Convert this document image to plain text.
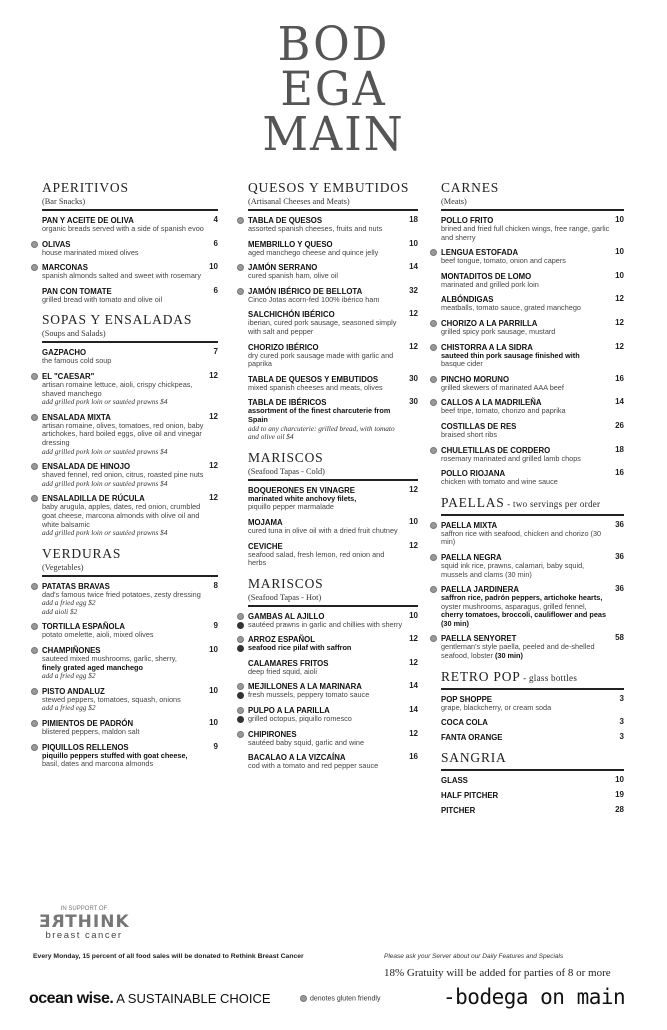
BOD
EGA
MAIN
APERITIVOS
(Bar Snacks)
PAN Y ACEITE DE OLIVA	4
organic breads served with a side of spanish evoo
OLIVAS	6
house marinated mixed olives
MARCONAS	10
spanish almonds salted and sweet with rosemary
PAN CON TOMATE	6
grilled bread with tomato and olive oil
SOPAS Y ENSALADAS
(Soups and Salads)
GAZPACHO	7
the famous cold soup
EL "CAESAR"	12
artisan romaine lettuce, aioli, crispy chickpeas, shaved manchego
add grilled pork loin or sautéed prawns $4
ENSALADA MIXTA	12
artisan romaine, olives, tomatoes, red onion, baby artichokes, hard boiled eggs, olive oil and vinegar dressing
add grilled pork loin or sautéed prawns $4
ENSALADA DE HINOJO	12
shaved fennel, red onion, citrus, roasted pine nuts
add grilled pork loin or sautéed prawns $4
ENSALADILLA DE RÚCULA	12
baby arugula, apples, dates, red onion, crumbled goat cheese, marcona almonds with olive oil and white balsamic
add grilled pork loin or sautéed prawns $4
VERDURAS
(Vegetables)
PATATAS BRAVAS	8
dad's famous twice fried potatoes, zesty dressing
add a fried egg $2
add aioli $2
TORTILLA ESPAÑOLA	9
potato omelette, aioli, mixed olives
CHAMPIÑONES	10
sauteed mixed mushrooms, garlic, sherry,
finely grated aged manchego
add a fried egg $2
PISTO ANDALUZ	10
stewed peppers, tomatoes, squash, onions
add a fried egg $2
PIMIENTOS DE PADRÓN	10
blistered peppers, maldon salt
PIQUILLOS RELLENOS	9
piquillo peppers stuffed with goat cheese,
basil, dates and marcona almonds
QUESOS Y EMBUTIDOS
(Artisanal Cheeses and Meats)
TABLA DE QUESOS	18
assorted spanish cheeses, fruits and nuts
MEMBRILLO Y QUESO	10
aged manchego cheese and quince jelly
JAMÓN SERRANO	14
cured spanish ham, olive oil
JAMÓN IBÉRICO DE BELLOTA	32
Cinco Jotas acorn-fed 100% ibérico ham
SALCHICHÓN IBÉRICO	12
iberian, cured pork sausage, seasoned simply with salt and pepper
CHORIZO IBÉRICO	12
dry cured pork sausage made with garlic and paprika
TABLA DE QUESOS Y EMBUTIDOS	30
mixed spanish cheeses and meats, olives
TABLA DE IBÉRICOS	30
assortment of the finest charcuterie from Spain
add to any charcuterie: grilled bread, with tomato and olive oil $4
MARISCOS
(Seafood Tapas - Cold)
BOQUERONES EN VINAGRE	12
marinated white anchovy filets,
piquillo pepper marmalade
MOJAMA	10
cured tuna in olive oil with a dried fruit chutney
CEVICHE	12
seafood salad, fresh lemon, red onion and herbs
MARISCOS
(Seafood Tapas - Hot)
GAMBAS AL AJILLO	10
sautéed prawns in garlic and chillies with sherry
ARROZ ESPAÑOL	12
seafood rice pilaf with saffron
CALAMARES FRITOS	12
deep fried squid, aioli
MEJILLONES A LA MARINARA	14
fresh mussels, peppery tomato sauce
PULPO A LA PARILLA	14
grilled octopus, piquillo romesco
CHIPIRONES	12
sautéed baby squid, garlic and wine
BACALAO A LA VIZCAÍNA	16
cod with a tomato and red pepper sauce
CARNES
(Meats)
POLLO FRITO	10
brined and fried full chicken wings, free range, garlic and sherry
LENGUA ESTOFADA	10
beef tongue, tomato, onion and capers
MONTADITOS DE LOMO	10
marinated and grilled pork loin
ALBÓNDIGAS	12
meatballs, tomato sauce, grated manchego
CHORIZO A LA PARRILLA	12
grilled spicy pork sausage, mustard
CHISTORRA A LA SIDRA	12
sauteed thin pork sausage finished with
basque cider
PINCHO MORUNO	16
grilled skewers of marinated AAA beef
CALLOS A LA MADRILEÑA	14
beef tripe, tomato, chorizo and paprika
COSTILLAS DE RES	26
braised short ribs
CHULETILLAS DE CORDERO	18
rosemary marinated and grilled lamb chops
POLLO RIOJANA	16
chicken with tomato and wine sauce
PAELLAS - two servings per order
PAELLA MIXTA	36
saffron rice with seafood, chicken and chorizo (30 min)
PAELLA NEGRA	36
squid ink rice, prawns, calamari, baby squid, mussels and clams (30 min)
PAELLA JARDINERA	36
saffron rice, padrón peppers, artichoke hearts,
oyster mushrooms, asparagus, grilled fennel,
cherry tomatoes, broccoli, cauliflower and peas (30 min)
PAELLA SENYORET	58
gentleman's style paella, peeled and de-shelled seafood, lobster (30 min)
RETRO POP - glass bottles
POP SHOPPE	3
grape, blackcherry, or cream soda
COCA COLA	3
FANTA ORANGE	3
SANGRIA
GLASS	10
HALF PITCHER	19
PITCHER	28
IN SUPPORT OF
RETHINK
breast cancer
Every Monday, 15 percent of all food sales will be donated to Rethink Breast Cancer	Please ask your Server about our Daily Features and Specials
18% Gratuity will be added for parties of 8 or more
ocean wise. A SUSTAINABLE CHOICE	denotes gluten friendly	-bodega on main
